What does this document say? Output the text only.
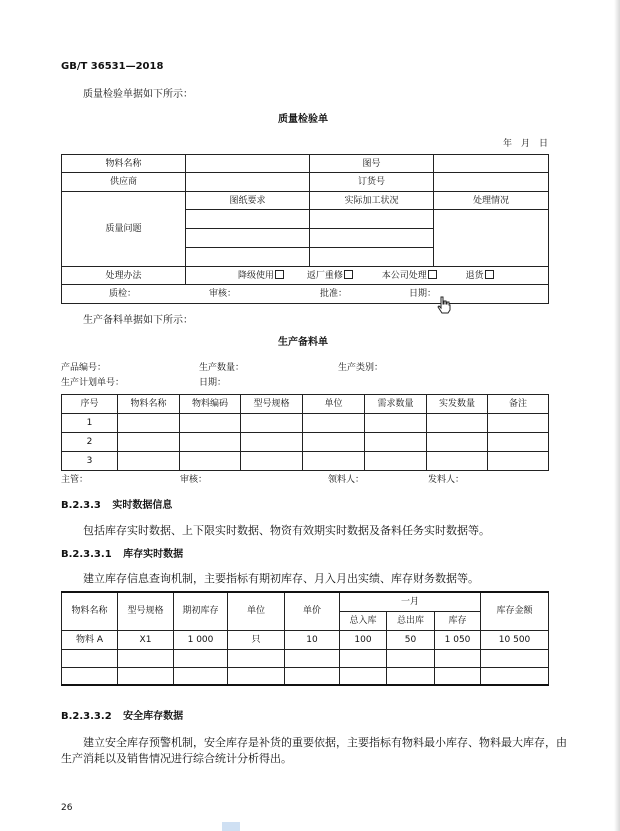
GB/T 36531—2018
质量检验单据如下所示：
质量检验单
年　月　日
物料名称		图号	
供应商		订货号	
质量问题	图纸要求	实际加工状况	处理情况

处理办法	降级使用 返厂重修 本公司处理 退货		

质检： 审核： 批准： 日期：			
生产备料单据如下所示：
生产备料单
产品编号：	生产数量：	生产类别：
生产计划单号：	日期：
序号	物料名称	物料编码	型号规格	单位	需求数量	实发数量	备注
1							
2							
3							
主管：	审核：	领料人：	发料人：
B.2.3.3 实时数据信息
包括库存实时数据、上下限实时数据、物资有效期实时数据及备料任务实时数据等。
B.2.3.3.1 库存实时数据
建立库存信息查询机制，主要指标有期初库存、月入月出实绩、库存财务数据等。
物料名称	型号规格	期初库存	单位	单价	一月			库存金额
					总入库	总出库	库存	
物料 A	X1	1 000	只	10	100	50	1 050	10 500

B.2.3.3.2 安全库存数据
建立安全库存预警机制，安全库存是补货的重要依据，主要指标有物料最小库存、物料最大库存，由
生产消耗以及销售情况进行综合统计分析得出。
26
